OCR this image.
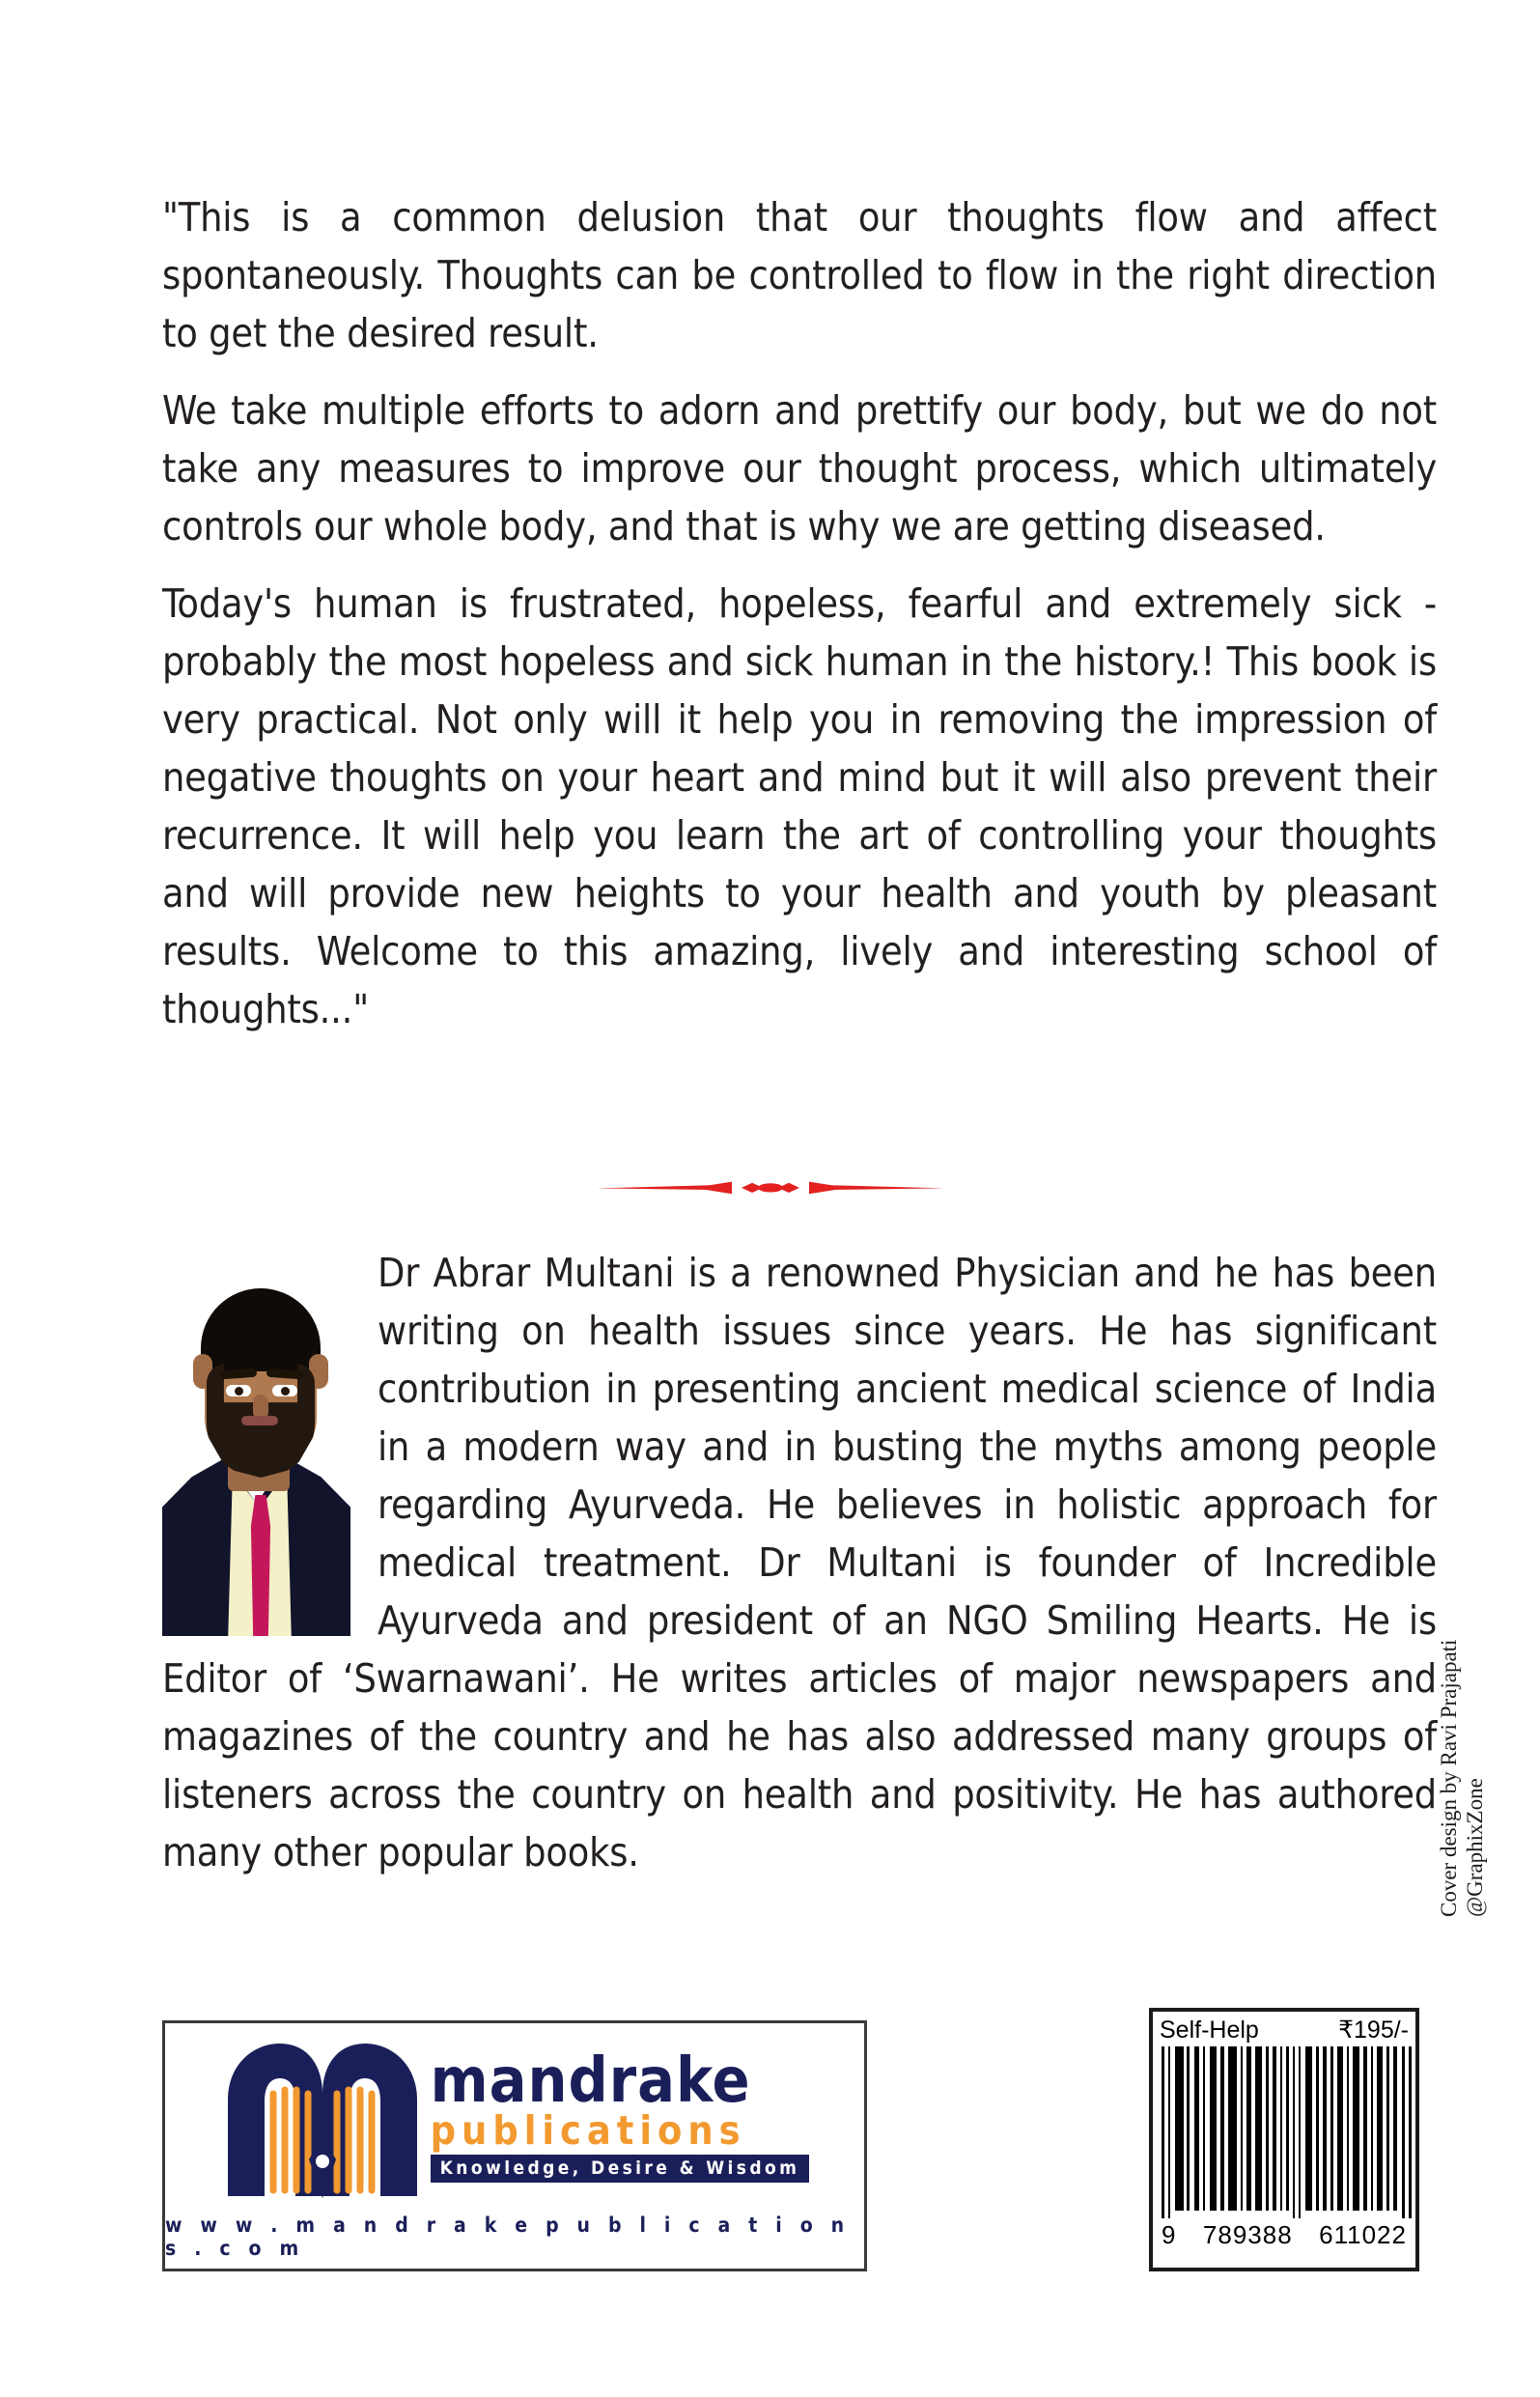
"This is a common delusion that our thoughts flow and affect spontaneously. Thoughts can be controlled to flow in the right direction to get the desired result.

We take multiple efforts to adorn and prettify our body, but we do not take any measures to improve our thought process, which ultimately controls our whole body, and that is why we are getting diseased.

Today's human is frustrated, hopeless, fearful and extremely sick - probably the most hopeless and sick human in the history.! This book is very practical. Not only will it help you in removing the impression of negative thoughts on your heart and mind but it will also prevent their recurrence. It will help you learn the art of controlling your thoughts and will provide new heights to your health and youth by pleasant results. Welcome to this amazing, lively and interesting school of thoughts..."

Dr Abrar Multani is a renowned Physician and he has been writing on health issues since years. He has significant contribution in presenting ancient medical science of India in a modern way and in busting the myths among people regarding Ayurveda. He believes in holistic approach for medical treatment. Dr Multani is founder of Incredible Ayurveda and president of an NGO Smiling Hearts. He is Editor of ‘Swarnawani’. He writes articles of major newspapers and magazines of the country and he has also addressed many groups of listeners across the country on health and positivity. He has authored many other popular books.

mandrake
publications
Knowledge, Desire & Wisdom
w w w . m a n d r a k e p u b l i c a t i o n s . c o m
Self-Help	₹195/-
9 789388 611022
Cover design by Ravi Prajapati @GraphixZone
